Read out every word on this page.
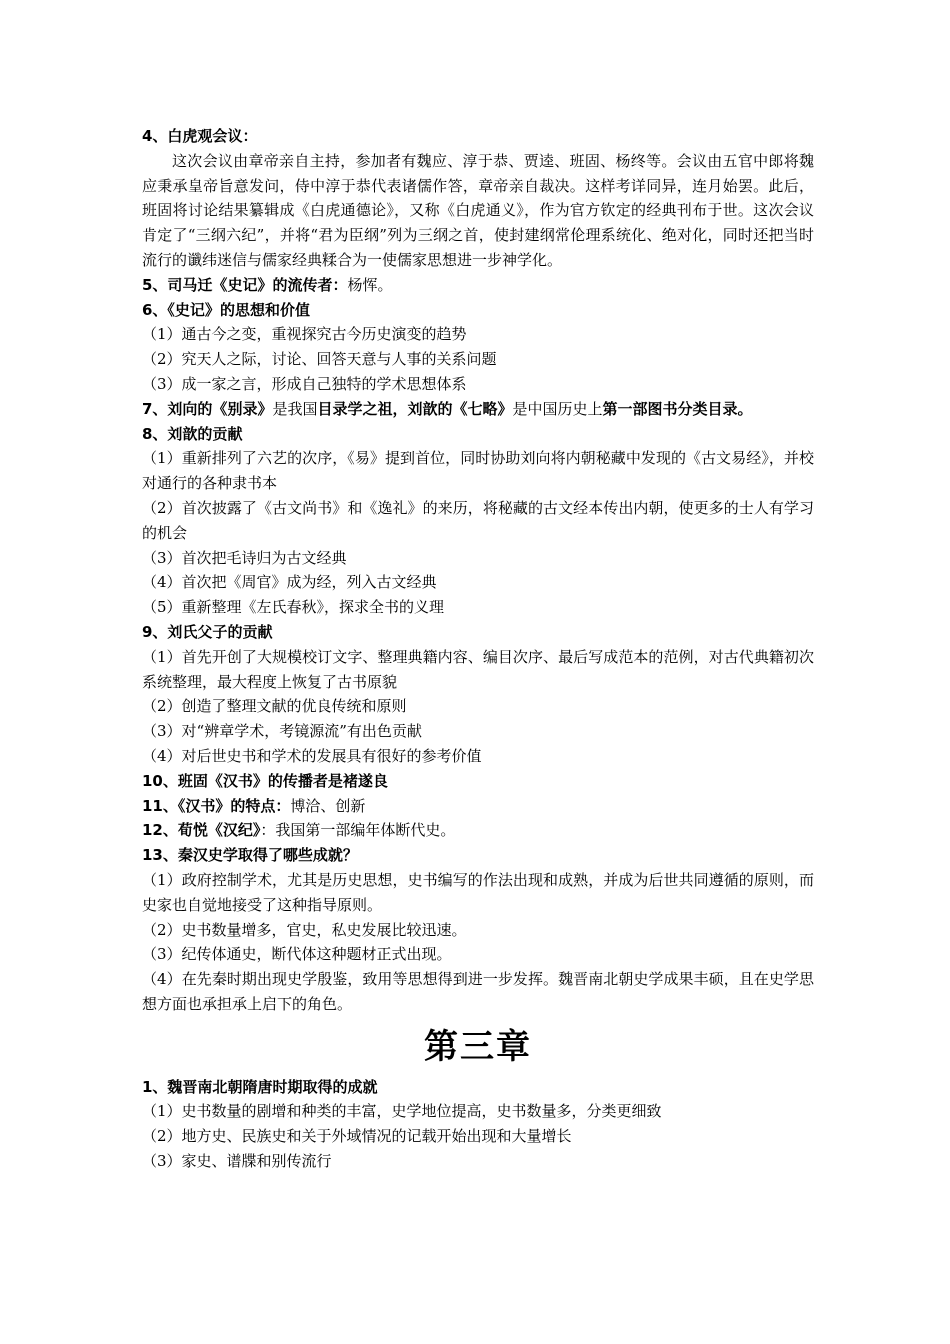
4、白虎观会议：
这次会议由章帝亲自主持，参加者有魏应、淳于恭、贾逵、班固、杨终等。会议由五官中郎将魏应秉承皇帝旨意发问，侍中淳于恭代表诸儒作答，章帝亲自裁决。这样考详同异，连月始罢。此后，班固将讨论结果纂辑成《白虎通德论》，又称《白虎通义》，作为官方钦定的经典刊布于世。这次会议肯定了“三纲六纪”，并将“君为臣纲”列为三纲之首，使封建纲常伦理系统化、绝对化，同时还把当时流行的谶纬迷信与儒家经典糅合为一使儒家思想进一步神学化。
5、司马迁《史记》的流传者：杨恽。
6、《史记》的思想和价值
（1）通古今之变，重视探究古今历史演变的趋势
（2）究天人之际，讨论、回答天意与人事的关系问题
（3）成一家之言，形成自己独特的学术思想体系
7、刘向的《别录》是我国目录学之祖，刘歆的《七略》是中国历史上第一部图书分类目录。
8、刘歆的贡献
（1）重新排列了六艺的次序，《易》提到首位，同时协助刘向将内朝秘藏中发现的《古文易经》，并校对通行的各种隶书本
（2）首次披露了《古文尚书》和《逸礼》的来历，将秘藏的古文经本传出内朝，使更多的士人有学习的机会
（3）首次把毛诗归为古文经典
（4）首次把《周官》成为经，列入古文经典
（5）重新整理《左氏春秋》，探求全书的义理
9、刘氏父子的贡献
（1）首先开创了大规模校订文字、整理典籍内容、编目次序、最后写成范本的范例，对古代典籍初次系统整理，最大程度上恢复了古书原貌
（2）创造了整理文献的优良传统和原则
（3）对“辨章学术，考镜源流”有出色贡献
（4）对后世史书和学术的发展具有很好的参考价值
10、班固《汉书》的传播者是褚遂良
11、《汉书》的特点：博洽、创新
12、荀悦《汉纪》：我国第一部编年体断代史。
13、秦汉史学取得了哪些成就？
（1）政府控制学术，尤其是历史思想，史书编写的作法出现和成熟，并成为后世共同遵循的原则，而史家也自觉地接受了这种指导原则。
（2）史书数量增多，官史，私史发展比较迅速。
（3）纪传体通史，断代体这种题材正式出现。
（4）在先秦时期出现史学殷鉴，致用等思想得到进一步发挥。魏晋南北朝史学成果丰硕，且在史学思想方面也承担承上启下的角色。
第三章
1、魏晋南北朝隋唐时期取得的成就
（1）史书数量的剧增和种类的丰富，史学地位提高，史书数量多，分类更细致
（2）地方史、民族史和关于外域情况的记载开始出现和大量增长
（3）家史、谱牒和别传流行
